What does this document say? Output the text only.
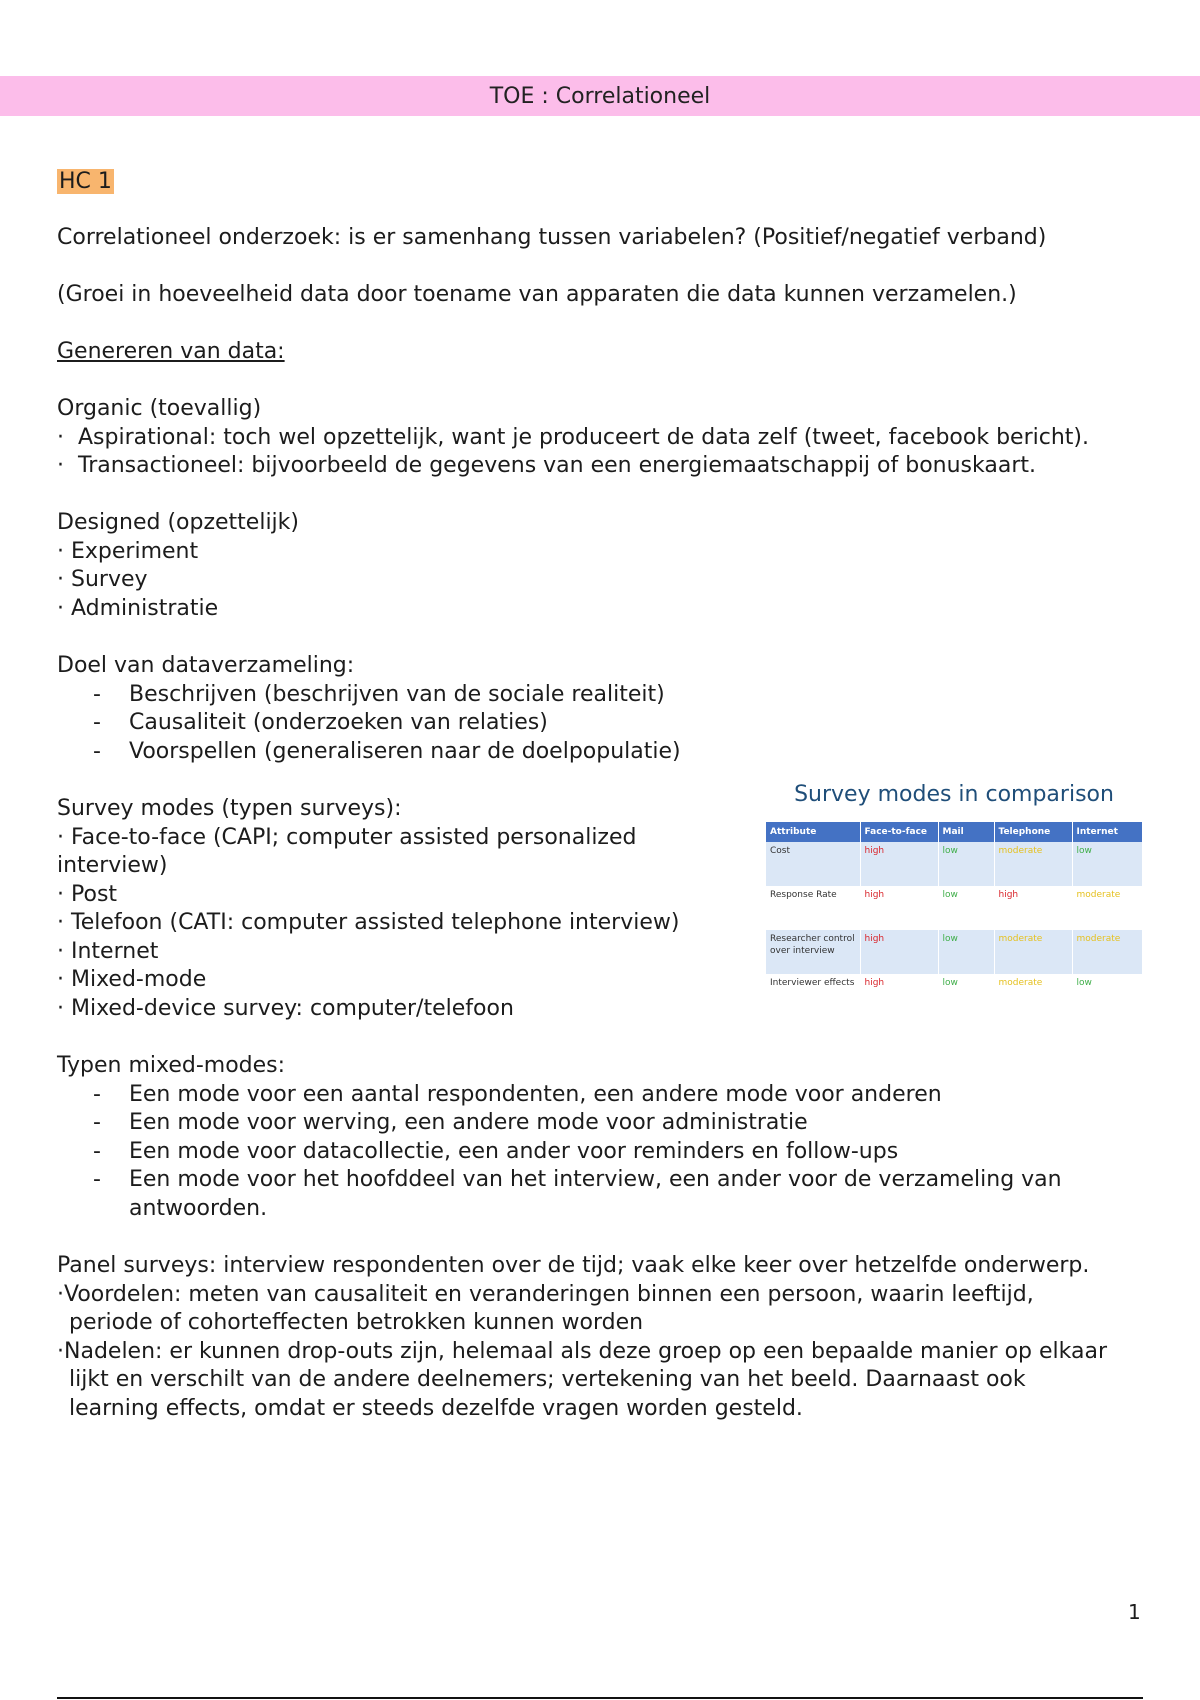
TOE : Correlationeel
HC 1
Correlationeel onderzoek: is er samenhang tussen variabelen? (Positief/negatief verband)
(Groei in hoeveelheid data door toename van apparaten die data kunnen verzamelen.)
Genereren van data:
Organic (toevallig)
·  Aspirational: toch wel opzettelijk, want je produceert de data zelf (tweet, facebook bericht).
·  Transactioneel: bijvoorbeeld de gegevens van een energiemaatschappij of bonuskaart.
Designed (opzettelijk)
· Experiment
· Survey
· Administratie
Doel van dataverzameling:
- Beschrijven (beschrijven van de sociale realiteit)
- Causaliteit (onderzoeken van relaties)
- Voorspellen (generaliseren naar de doelpopulatie)
Survey modes (typen surveys):
· Face-to-face (CAPI; computer assisted personalized interview)
· Post
· Telefoon (CATI: computer assisted telephone interview)
· Internet
· Mixed-mode
· Mixed-device survey: computer/telefoon
Typen mixed-modes:
- Een mode voor een aantal respondenten, een andere mode voor anderen
- Een mode voor werving, een andere mode voor administratie
- Een mode voor datacollectie, een ander voor reminders en follow-ups
- Een mode voor het hoofddeel van het interview, een ander voor de verzameling van antwoorden.
Panel surveys: interview respondenten over de tijd; vaak elke keer over hetzelfde onderwerp.
·Voordelen: meten van causaliteit en veranderingen binnen een persoon, waarin leeftijd, periode of cohorteffecten betrokken kunnen worden
·Nadelen: er kunnen drop-outs zijn, helemaal als deze groep op een bepaalde manier op elkaar lijkt en verschilt van de andere deelnemers; vertekening van het beeld. Daarnaast ook learning effects, omdat er steeds dezelfde vragen worden gesteld.
Survey modes in comparison
Attribute	Face-to-face	Mail	Telephone	Internet
Cost	high	low	moderate	low
Response Rate	high	low	high	moderate
Researcher control over interview	high	low	moderate	moderate
Interviewer effects	high	low	moderate	low
1
